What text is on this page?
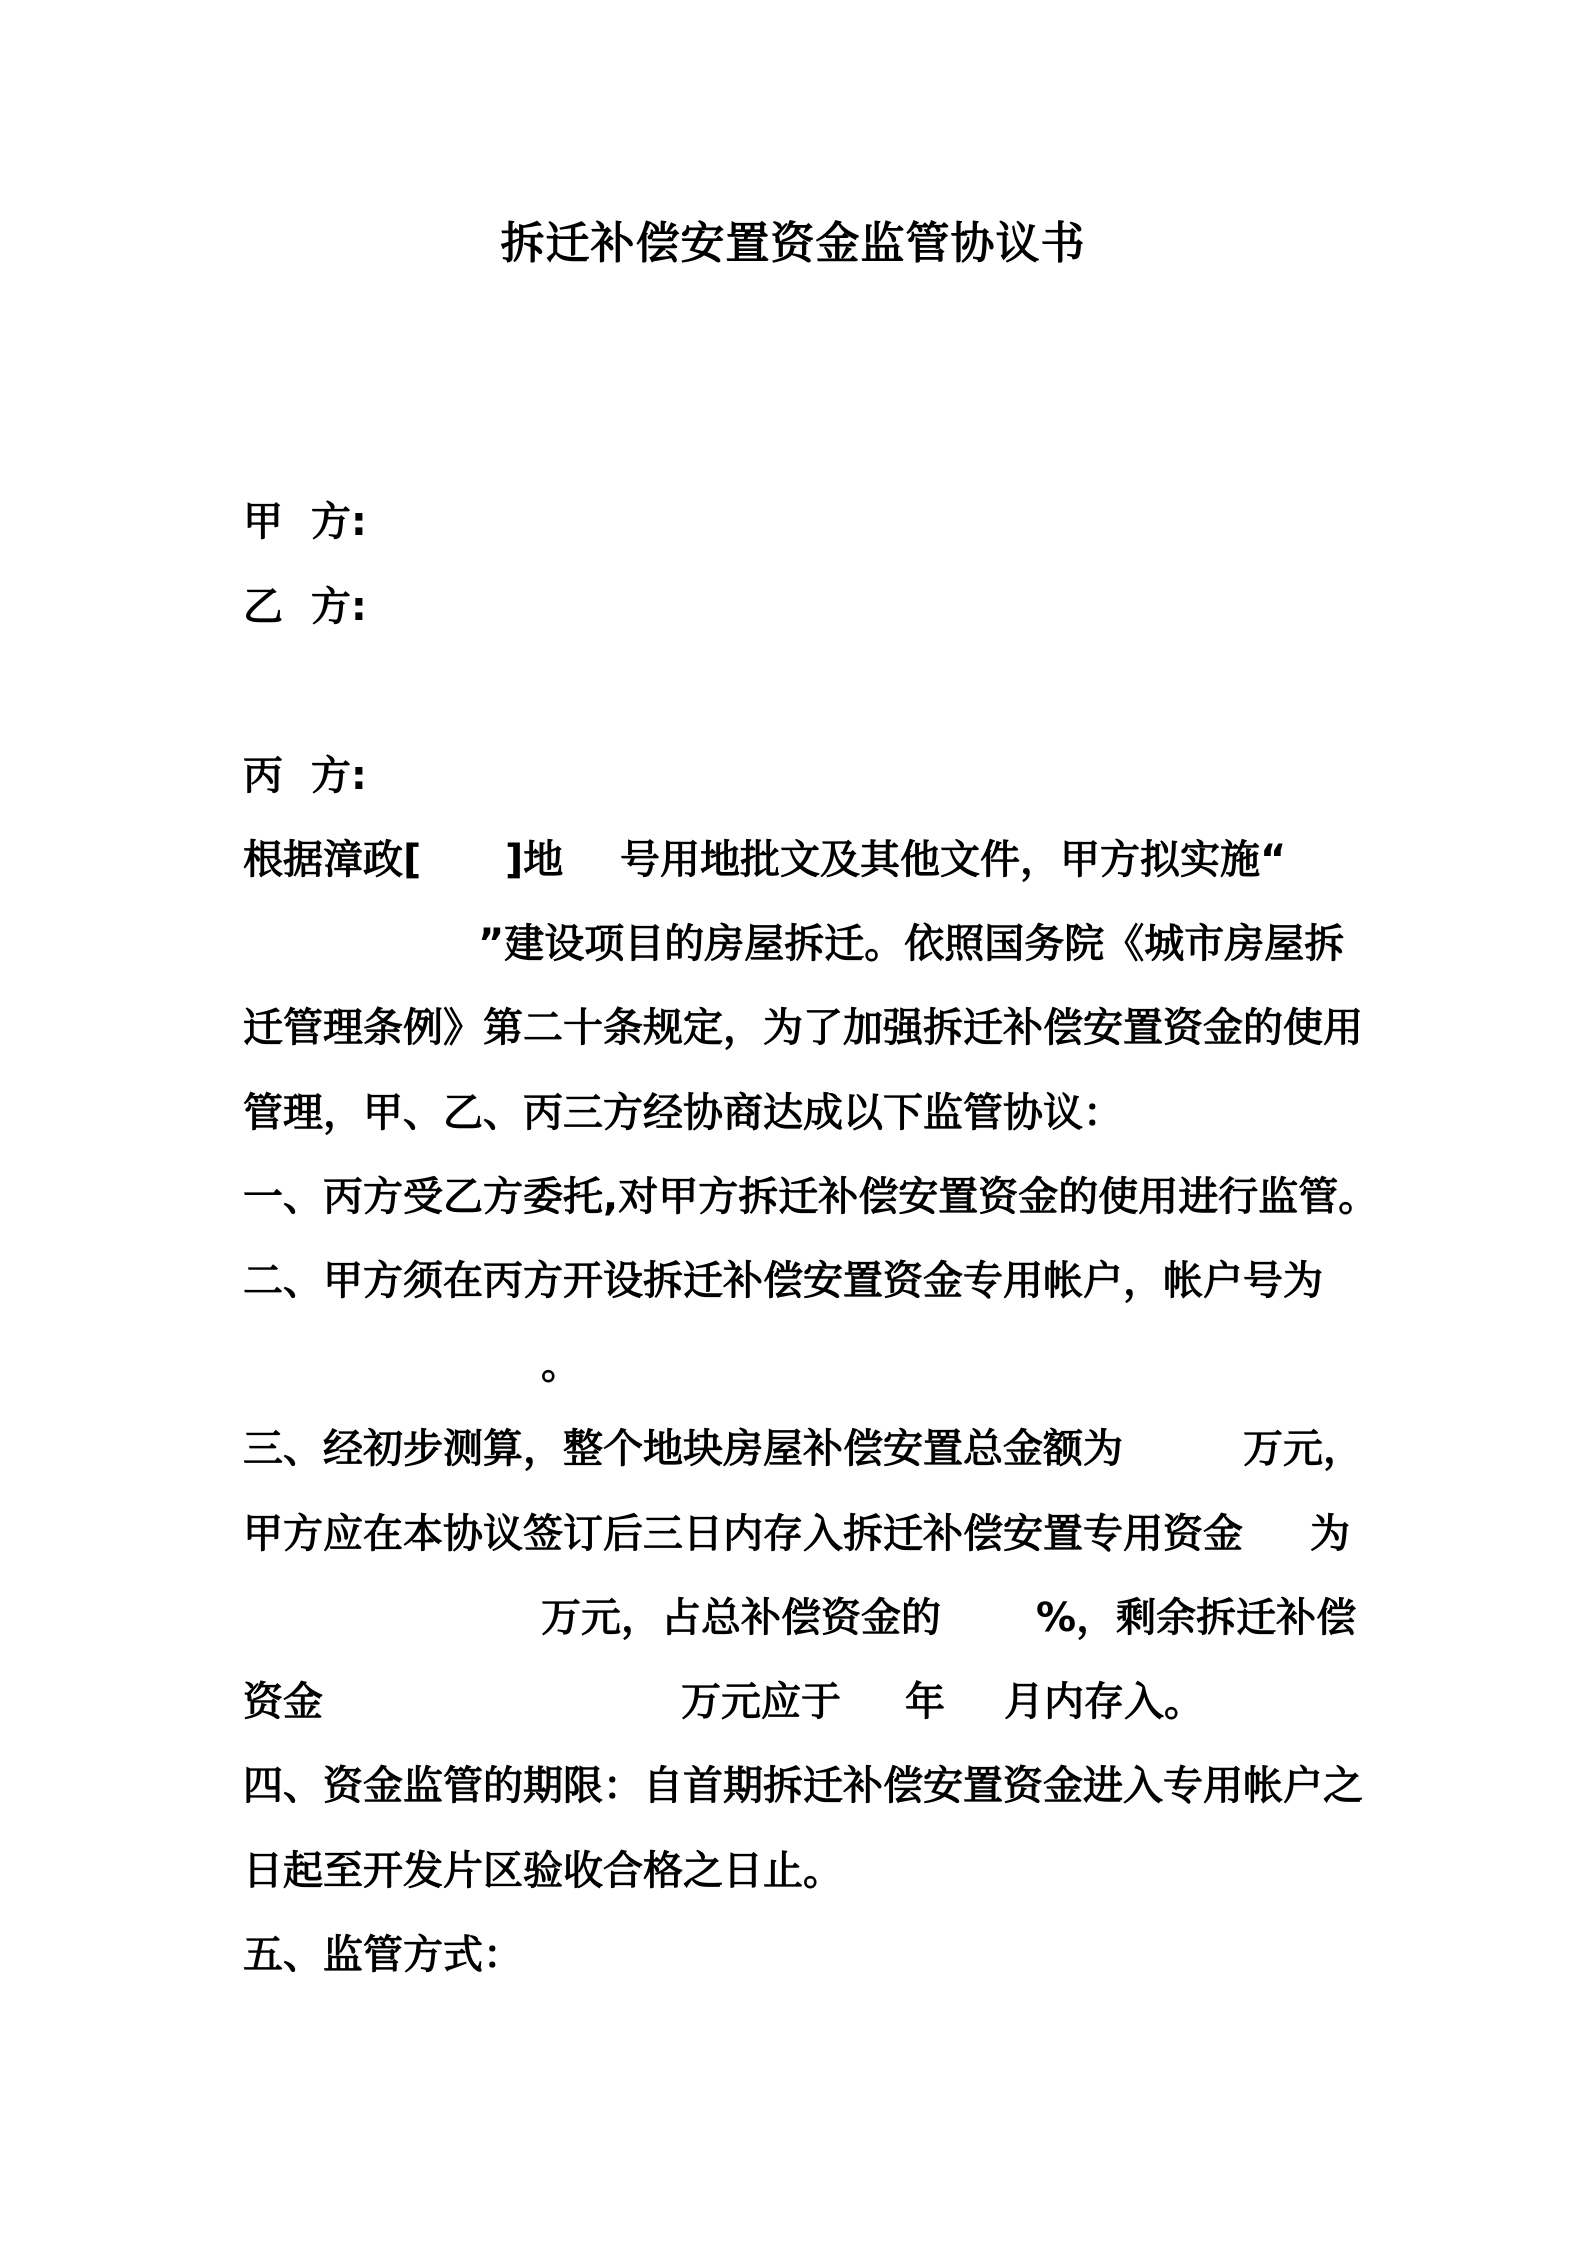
拆迁补偿安置资金监管协议书
甲  方:
乙  方:
丙  方:
根据漳政[ ]地 号用地批文及其他文件，甲方拟实施“
”建设项目的房屋拆迁。依照国务院《城市房屋拆
迁管理条例》第二十条规定，为了加强拆迁补偿安置资金的使用
管理，甲、乙、丙三方经协商达成以下监管协议：
一、丙方受乙方委托,对甲方拆迁补偿安置资金的使用进行监管。
二、甲方须在丙方开设拆迁补偿安置资金专用帐户，帐户号为
。
三、经初步测算，整个地块房屋补偿安置总金额为	万元，
甲方应在本协议签订后三日内存入拆迁补偿安置专用资金 为
万元，占总补偿资金的 %，剩余拆迁补偿
资金	万元应于 年 月内存入。
四、资金监管的期限：自首期拆迁补偿安置资金进入专用帐户之
日起至开发片区验收合格之日止。
五、监管方式：
